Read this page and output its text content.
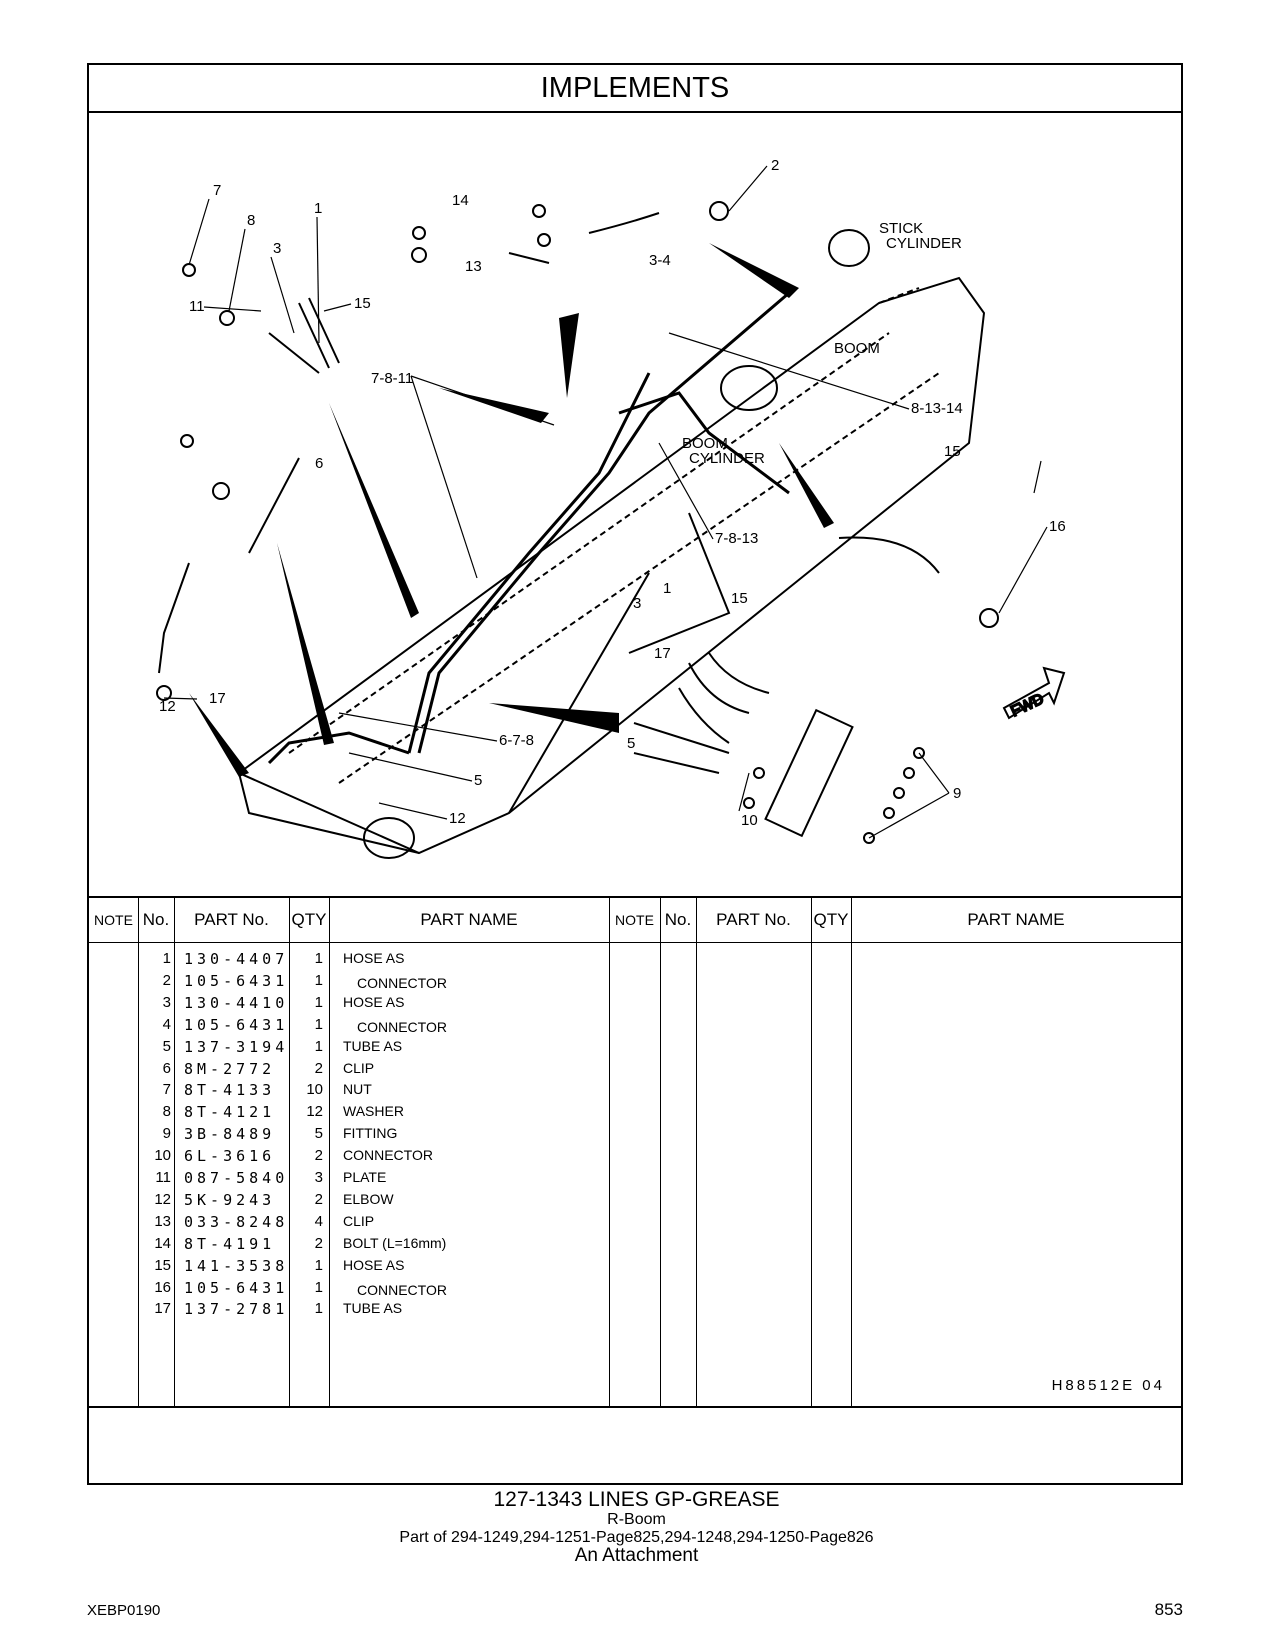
IMPLEMENTS
FWD
STICK
CYLINDER
BOOM
BOOM
CYLINDER
7
8
1
3
11	15
14
13
2
3-4
7-8-11
17
6
12
8-13-14
15
16
7-8-13
1
15
3
17
5
6-7-8
5
12
9
10
NOTE No.	PART No.	QTY	PART NAME	NOTE No.	PART No.	QTY	PART NAME
1 130-4407	1 HOSE AS
2 105-6431	1	CONNECTOR
3 130-4410	1 HOSE AS
4 105-6431	1	CONNECTOR
5 137-3194	1 TUBE AS
6 8M-2772	2 CLIP
7 8T-4133	10 NUT
8 8T-4121	12 WASHER
9 3B-8489	5 FITTING
10 6L-3616	2 CONNECTOR
11 087-5840	3 PLATE
12 5K-9243	2 ELBOW
13 033-8248	4 CLIP
14 8T-4191	2 BOLT (L=16mm)
15 141-3538	1 HOSE AS
16 105-6431	1	CONNECTOR
17 137-2781	1 TUBE AS
H88512E 04
127-1343 LINES GP-GREASE
R-Boom
Part of 294-1249,294-1251-Page825,294-1248,294-1250-Page826
An Attachment
XEBP0190	853
